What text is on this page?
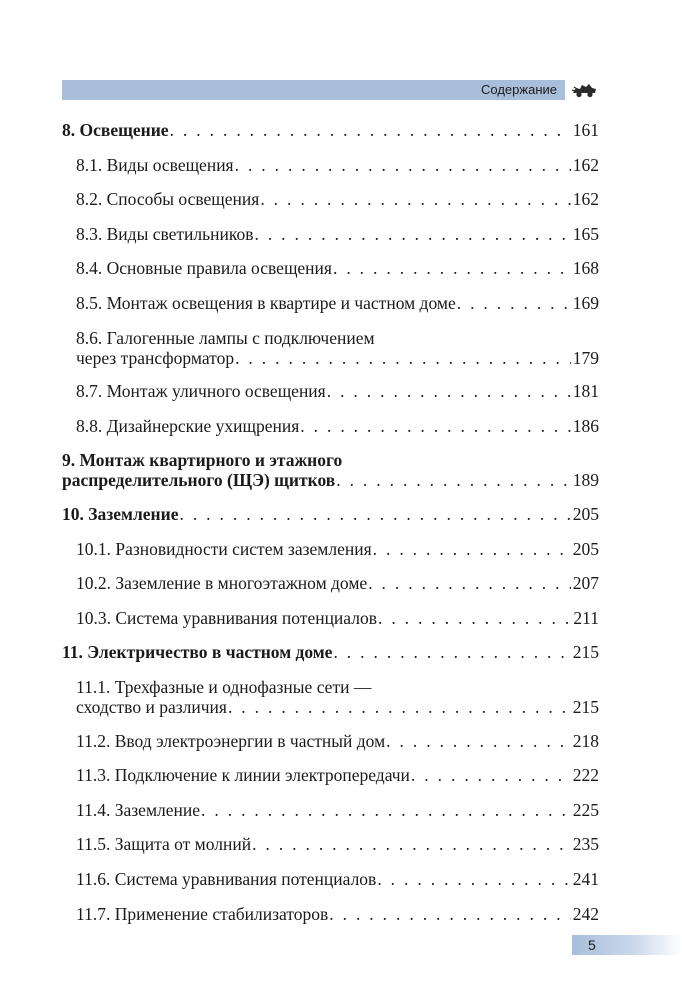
Содержание
8. Освещение . . .	161
8.1. Виды освещения . . .	162
8.2. Способы освещения . . .	162
8.3. Виды светильников . . .	165
8.4. Основные правила освещения . . .	168
8.5. Монтаж освещения в квартире и частном доме . . .	169
8.6. Галогенные лампы с подключением
через трансформатор . . .	179
8.7. Монтаж уличного освещения . . .	181
8.8. Дизайнерские ухищрения . . .	186
9. Монтаж квартирного и этажного
распределительного (ЩЭ) щитков . . .	189
10. Заземление . . .	205
10.1. Разновидности систем заземления . . .	205
10.2. Заземление в многоэтажном доме . . .	207
10.3. Система уравнивания потенциалов . . .	211
11. Электричество в частном доме . . .	215
11.1. Трехфазные и однофазные сети —
сходство и различия . . .	215
11.2. Ввод электроэнергии в частный дом . . .	218
11.3. Подключение к линии электропередачи . . .	222
11.4. Заземление . . .	225
11.5. Защита от молний . . .	235
11.6. Система уравнивания потенциалов . . .	241
11.7. Применение стабилизаторов . . .	242
5
